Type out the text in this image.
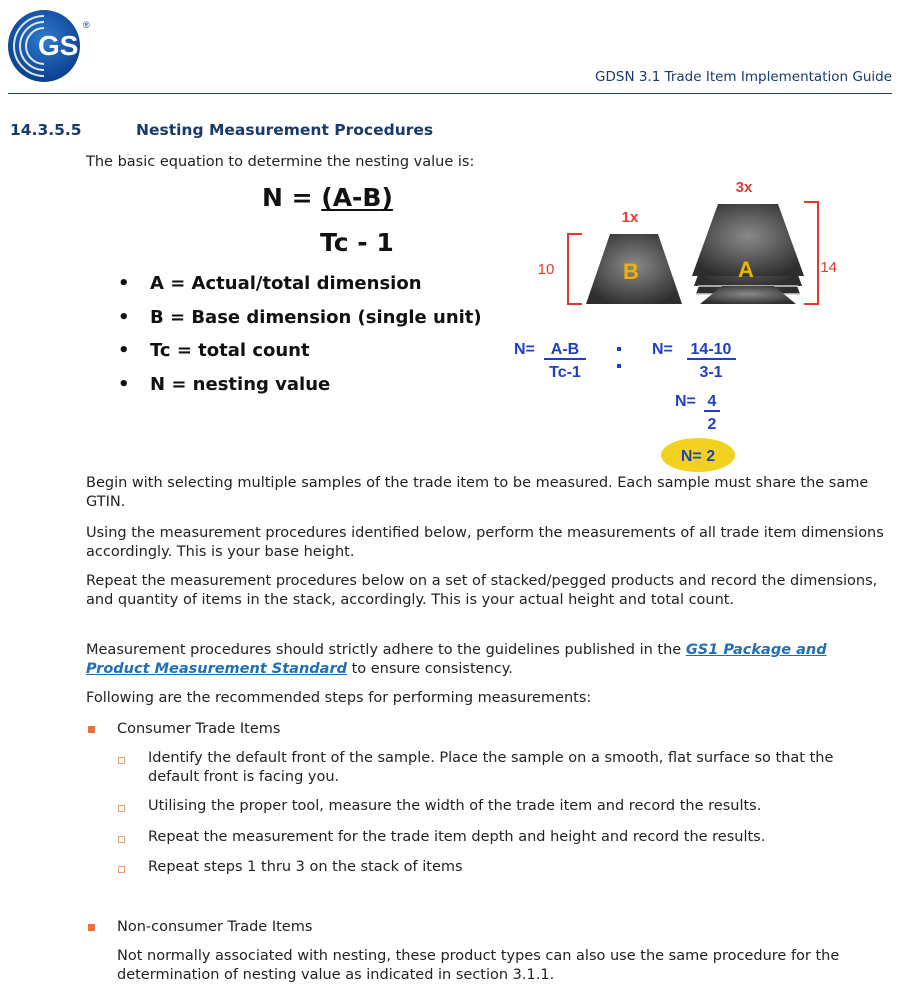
GS1
®
GDSN 3.1 Trade Item Implementation Guide
14.3.5.5	Nesting Measurement Procedures
The basic equation to determine the nesting value is:
N = (A-B)
Tc - 1
• A = Actual/total dimension
• B = Base dimension (single unit)
• Tc = total count
• N = nesting value
B
1x
10	A
3x
14
N= A-B
Tc-1
N= 14-10
3-1
N= 4
2
N= 2
Begin with selecting multiple samples of the trade item to be measured. Each sample must share the same GTIN.
Using the measurement procedures identified below, perform the measurements of all trade item dimensions accordingly. This is your base height.
Repeat the measurement procedures below on a set of stacked/pegged products and record the dimensions, and quantity of items in the stack, accordingly. This is your actual height and total count.
Measurement procedures should strictly adhere to the guidelines published in the GS1 Package and Product Measurement Standard to ensure consistency.
Following are the recommended steps for performing measurements:
Consumer Trade Items
Identify the default front of the sample. Place the sample on a smooth, flat surface so that the default front is facing you.
Utilising the proper tool, measure the width of the trade item and record the results.
Repeat the measurement for the trade item depth and height and record the results.
Repeat steps 1 thru 3 on the stack of items
Non-consumer Trade Items
Not normally associated with nesting, these product types can also use the same procedure for the determination of nesting value as indicated in section 3.1.1.
